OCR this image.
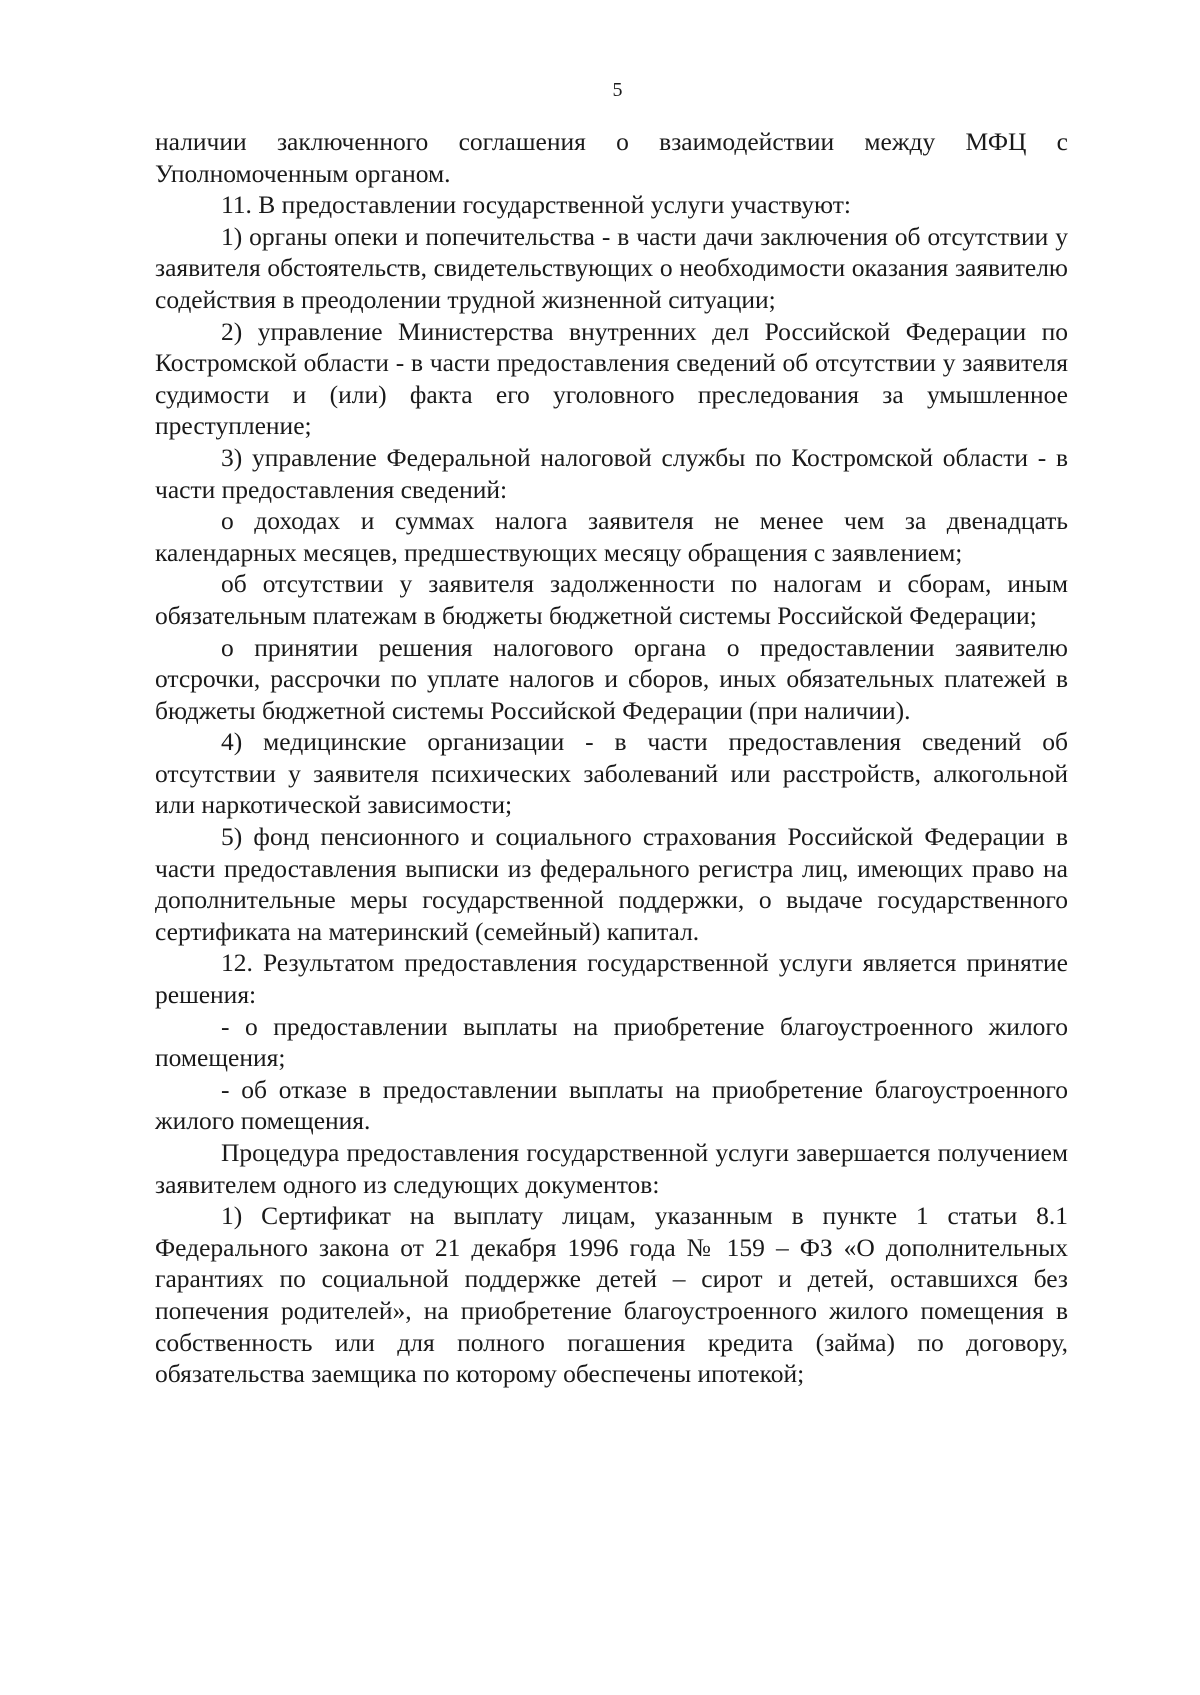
5

наличии заключенного соглашения о взаимодействии между МФЦ с Уполномоченным органом.

11. В предоставлении государственной услуги участвуют:

1) органы опеки и попечительства - в части дачи заключения об отсутствии у заявителя обстоятельств, свидетельствующих о необходимости оказания заявителю содействия в преодолении трудной жизненной ситуации;

2) управление Министерства внутренних дел Российской Федерации по Костромской области - в части предоставления сведений об отсутствии у заявителя судимости и (или) факта его уголовного преследования за умышленное преступление;

3) управление Федеральной налоговой службы по Костромской области - в части предоставления сведений:

о доходах и суммах налога заявителя не менее чем за двенадцать календарных месяцев, предшествующих месяцу обращения с заявлением;

об отсутствии у заявителя задолженности по налогам и сборам, иным обязательным платежам в бюджеты бюджетной системы Российской Федерации;

о принятии решения налогового органа о предоставлении заявителю отсрочки, рассрочки по уплате налогов и сборов, иных обязательных платежей в бюджеты бюджетной системы Российской Федерации (при наличии).

4) медицинские организации - в части предоставления сведений об отсутствии у заявителя психических заболеваний или расстройств, алкогольной или наркотической зависимости;

5) фонд пенсионного и социального страхования Российской Федерации в части предоставления выписки из федерального регистра лиц, имеющих право на дополнительные меры государственной поддержки, о выдаче государственного сертификата на материнский (семейный) капитал.

12. Результатом предоставления государственной услуги является принятие решения:

- о предоставлении выплаты на приобретение благоустроенного жилого помещения;

- об отказе в предоставлении выплаты на приобретение благоустроенного жилого помещения.

Процедура предоставления государственной услуги завершается получением заявителем одного из следующих документов:

1) Сертификат на выплату лицам, указанным в пункте 1 статьи 8.1 Федерального закона от 21 декабря 1996 года № 159 – ФЗ «О дополнительных гарантиях по социальной поддержке детей – сирот и детей, оставшихся без попечения родителей», на приобретение благоустроенного жилого помещения в собственность или для полного погашения кредита (займа) по договору, обязательства заемщика по которому обеспечены ипотекой;
